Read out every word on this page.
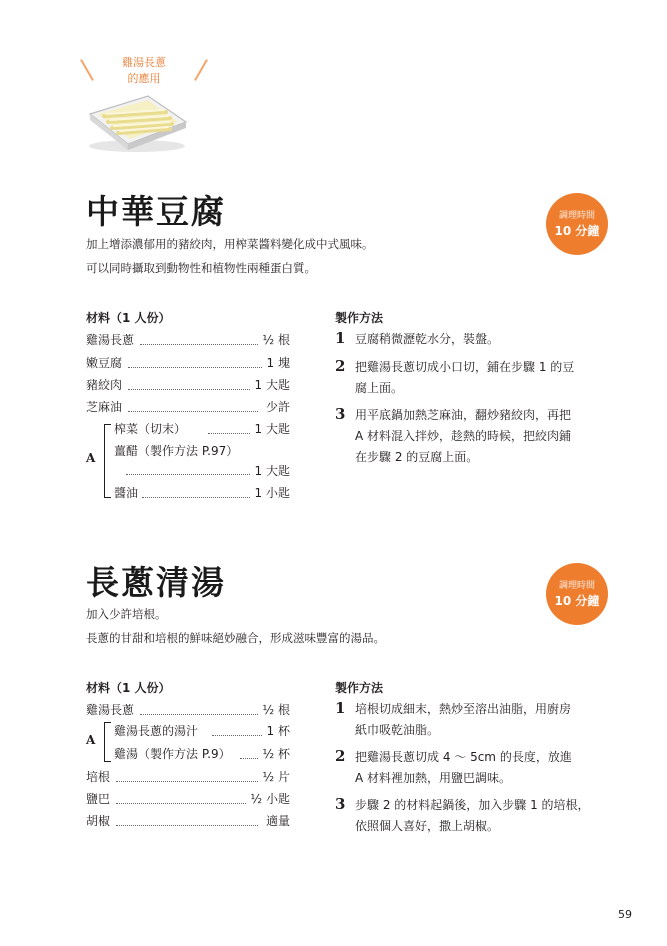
雞湯長蔥
的應用
中華豆腐	調理時間
10 分鐘
加上增添濃郁用的豬絞肉，用榨菜醬料變化成中式風味。
可以同時攝取到動物性和植物性兩種蛋白質。
材料（1 人份）
雞湯長蔥	½ 根
嫩豆腐	1 塊
豬絞肉	1 大匙
芝麻油	少許
A
榨菜（切末）	1 大匙
薑醋（製作方法 P.97）
1 大匙
醬油	1 小匙
製作方法
1 豆腐稍微瀝乾水分，裝盤。
2 把雞湯長蔥切成小口切，鋪在步驟 1 的豆
腐上面。
3 用平底鍋加熱芝麻油，翻炒豬絞肉，再把
A 材料混入拌炒，趁熱的時候，把絞肉鋪
在步驟 2 的豆腐上面。
長蔥清湯	調理時間
10 分鐘
加入少許培根。
長蔥的甘甜和培根的鮮味絕妙融合，形成滋味豐富的湯品。
材料（1 人份）
雞湯長蔥	½ 根
A
雞湯長蔥的湯汁	1 杯
雞湯（製作方法 P.9）	½ 杯
培根	½ 片
鹽巴	½ 小匙
胡椒	適量
製作方法
1 培根切成細末，熱炒至溶出油脂，用廚房
紙巾吸乾油脂。
2 把雞湯長蔥切成 4 ～ 5cm 的長度，放進
A 材料裡加熱，用鹽巴調味。
3 步驟 2 的材料起鍋後，加入步驟 1 的培根，
依照個人喜好，撒上胡椒。
59
